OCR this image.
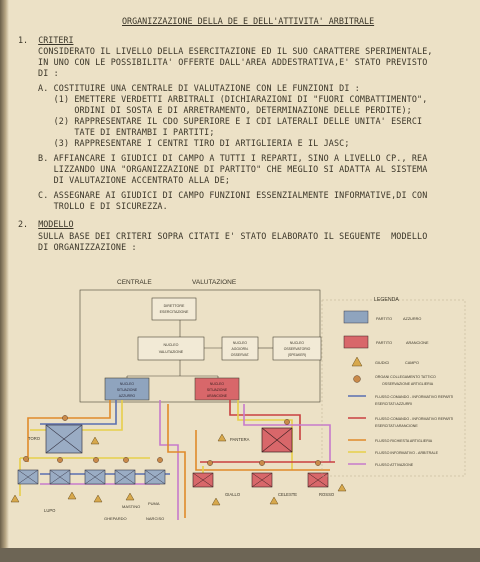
ORGANIZZAZIONE DELLA DE E DELL'ATTIVITA' ARBITRALE
1. CRITERI
CONSIDERATO IL LIVELLO DELLA ESERCITAZIONE ED IL SUO CARATTERE SPERIMENTALE,
IN UNO CON LE POSSIBILITA' OFFERTE DALL'AREA ADDESTRATIVA,E' STATO PREVISTO
DI :
A. COSTITUIRE UNA CENTRALE DI VALUTAZIONE CON LE FUNZIONI DI :
(1) EMETTERE VERDETTI ARBITRALI (DICHIARAZIONI DI "FUORI COMBATTIMENTO",
ORDINI DI SOSTA E DI ARRETRAMENTO, DETERMINAZIONE DELLE PERDITE);
(2) RAPPRESENTARE IL CDO SUPERIORE E I CDI LATERALI DELLE UNITA' ESERCI
TATE DI ENTRAMBI I PARTITI;
(3) RAPPRESENTARE I CENTRI TIRO DI ARTIGLIERIA E IL JASC;
B. AFFIANCARE I GIUDICI DI CAMPO A TUTTI I REPARTI, SINO A LIVELLO CP., REA
LIZZANDO UNA "ORGANIZZAZIONE DI PARTITO" CHE MEGLIO SI ADATTA AL SISTEMA
DI VALUTAZIONE ACCENTRATO ALLA DE;
C. ASSEGNARE AI GIUDICI DI CAMPO FUNZIONI ESSENZIALMENTE INFORMATIVE,DI CON
TROLLO E DI SICUREZZA.
2. MODELLO
SULLA BASE DEI CRITERI SOPRA CITATI E' STATO ELABORATO IL SEGUENTE  MODELLO
DI ORGANIZZAZIONE :
CENTRALE	VALUTAZIONE
DIRETTORE
ESERCITAZIONE
NUCLEO
VALUTAZIONE
NUCLEO
AGGIORN.
OSSERVAT.
NUCLEO
OSSERVATORIO
(SPEAKER)
NUCLEO
SITUAZIONE
AZZURRO
NUCLEO
SITUAZIONE
ARANCIONE
TORO
LUPO
GHEPARDO
MASTINO
PUMA
NARCISO
PANTERA
GIALLO	CELESTE	ROSSO
LEGENDA
PARTITO	AZZURRO
PARTITO	ARANCIONE
GIUDICI	CAMPO
ORGANI COLLEGAMENTO TATTICO
OSSERVAZIONE ARTIGLIERIA
FLUSSO COMANDO - INFORMATIVO REPARTI
ESERCITATI AZZURRI
FLUSSO COMANDO - INFORMATIVO REPARTI
ESERCITATI ARANCIONE
FLUSSO RICHIESTA ARTIGLIERIA
FLUSSO INFORMATIVO - ARBITRALE
FLUSSO ATTIVAZIONE
